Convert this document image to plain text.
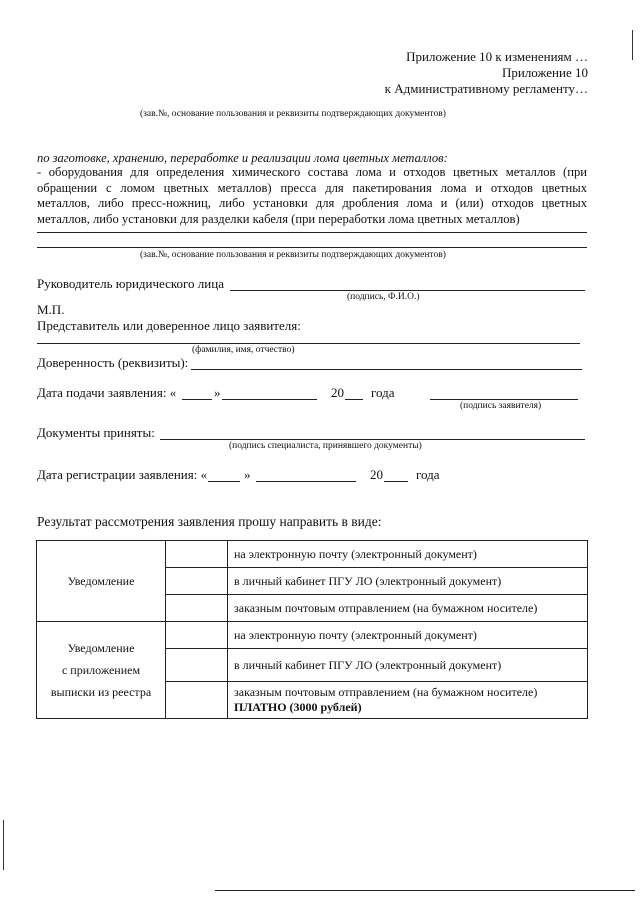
Приложение 10 к изменениям …
Приложение 10
к Административному регламенту…
(зав.№, основание пользования и реквизиты подтверждающих документов)
по заготовке, хранению, переработке и реализации лома цветных металлов:
- оборудования для определения химического состава лома и отходов цветных металлов (при
обращении с ломом цветных металлов) пресса для пакетирования лома и отходов цветных
металлов, либо пресс-ножниц, либо установки для дробления лома и (или) отходов цветных
металлов, либо установки для разделки кабеля (при переработки лома цветных металлов)
(зав.№, основание пользования и реквизиты подтверждающих документов)
Руководитель юридического лица
(подпись, Ф.И.О.)
М.П.
Представитель или доверенное лицо заявителя:
(фамилия, имя, отчество)
Доверенность (реквизиты):
Дата подачи заявления: «	»	20 года
(подпись заявителя)
Документы приняты:
(подпись специалиста, принявшего документы)
Дата регистрации заявления: «	»	20	года
Результат рассмотрения заявления прошу направить в виде:
Уведомление		на электронную почту (электронный документ)
		в личный кабинет ПГУ ЛО (электронный документ)
		заказным почтовым отправлением (на бумажном носителе)

Уведомление
с приложением
выписки из реестра		на электронную почту (электронный документ)
		в личный кабинет ПГУ ЛО (электронный документ)

		заказным почтовым отправлением (на бумажном носителе)
ПЛАТНО (3000 рублей)
